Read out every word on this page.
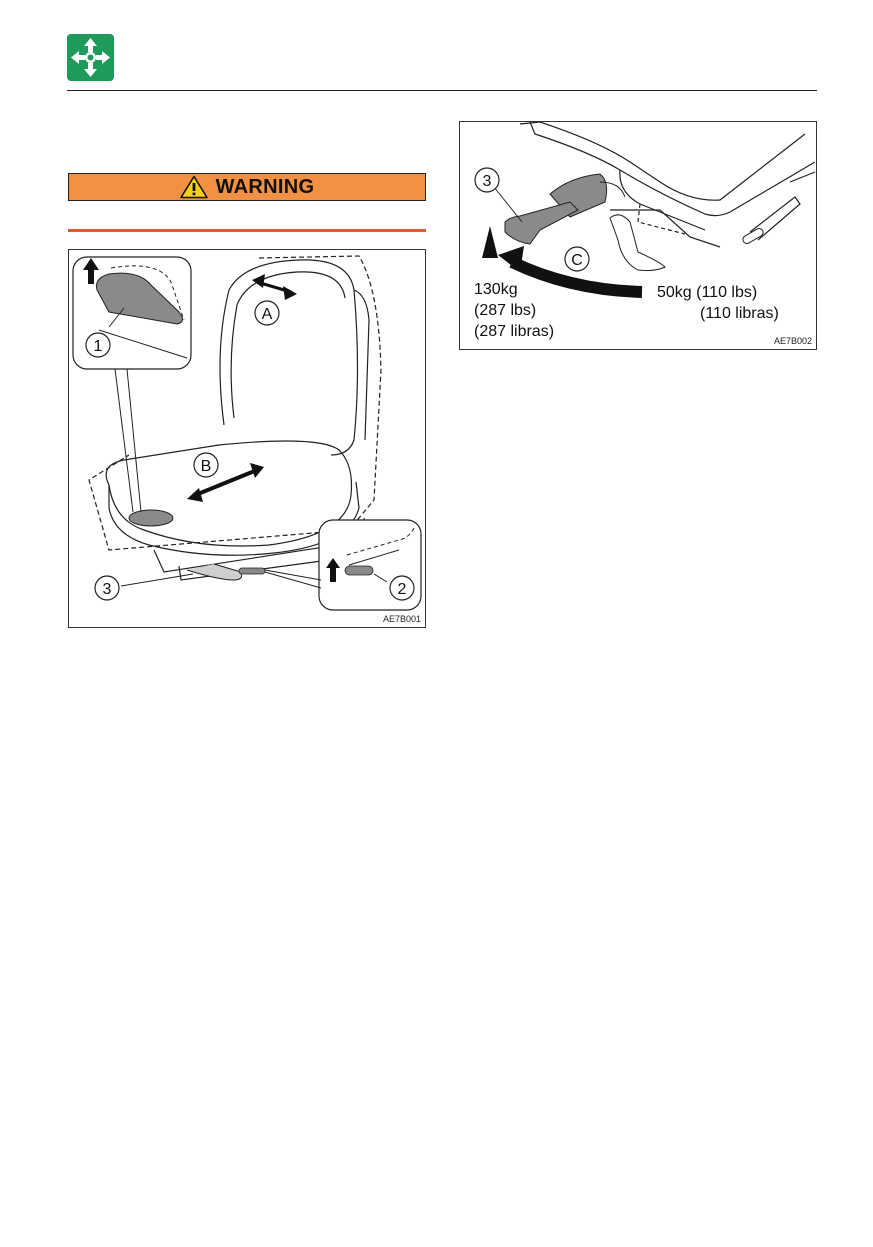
WARNING
1
2
3
A
B
AE7B001
3
C
130kg
(287 lbs)
(287 libras)
50kg (110 lbs)
(110 libras)
AE7B002
